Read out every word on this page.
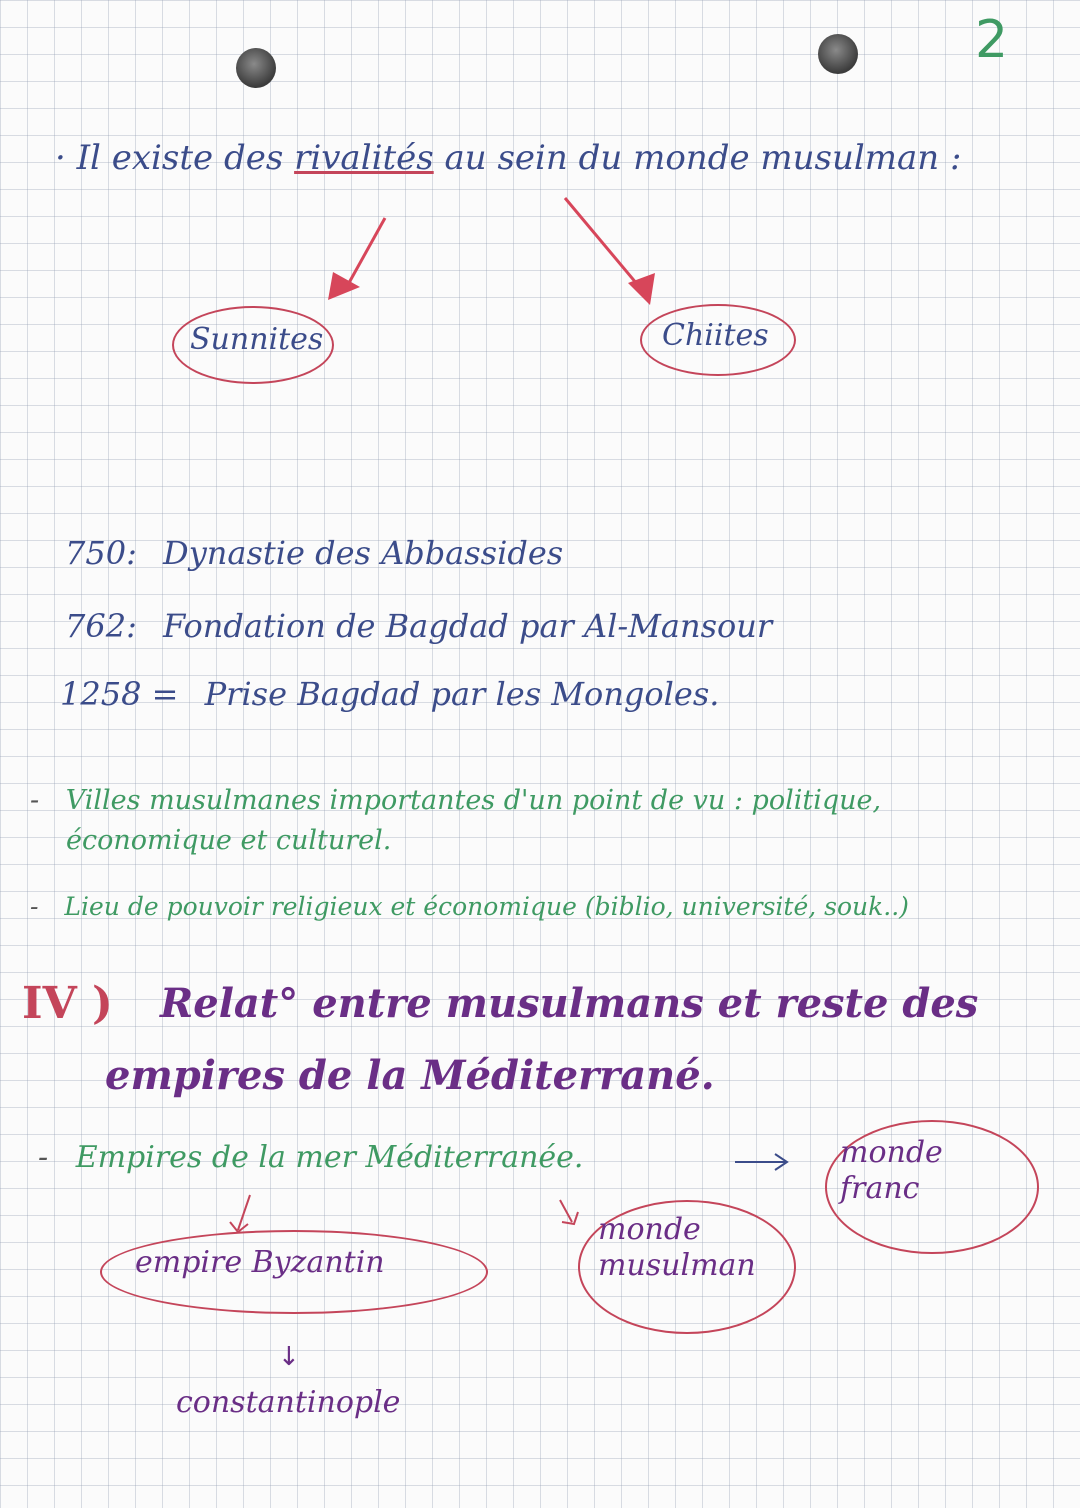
2
· Il existe des rivalités au sein du monde musulman :
Sunnites	Chiites
750: Dynastie des Abbassides
762: Fondation de Bagdad par Al-Mansour
1258 = Prise Bagdad par les Mongoles.
- Villes musulmanes importantes d'un point de vu : politique,
économique et culturel.
- Lieu de pouvoir religieux et économique (biblio, université, souk..)
IV ) Relat° entre musulmans et reste des
empires de la Méditerrané.
- Empires de la mer Méditerranée.
empire Byzantin
monde musulman
monde franc
↓
constantinople
